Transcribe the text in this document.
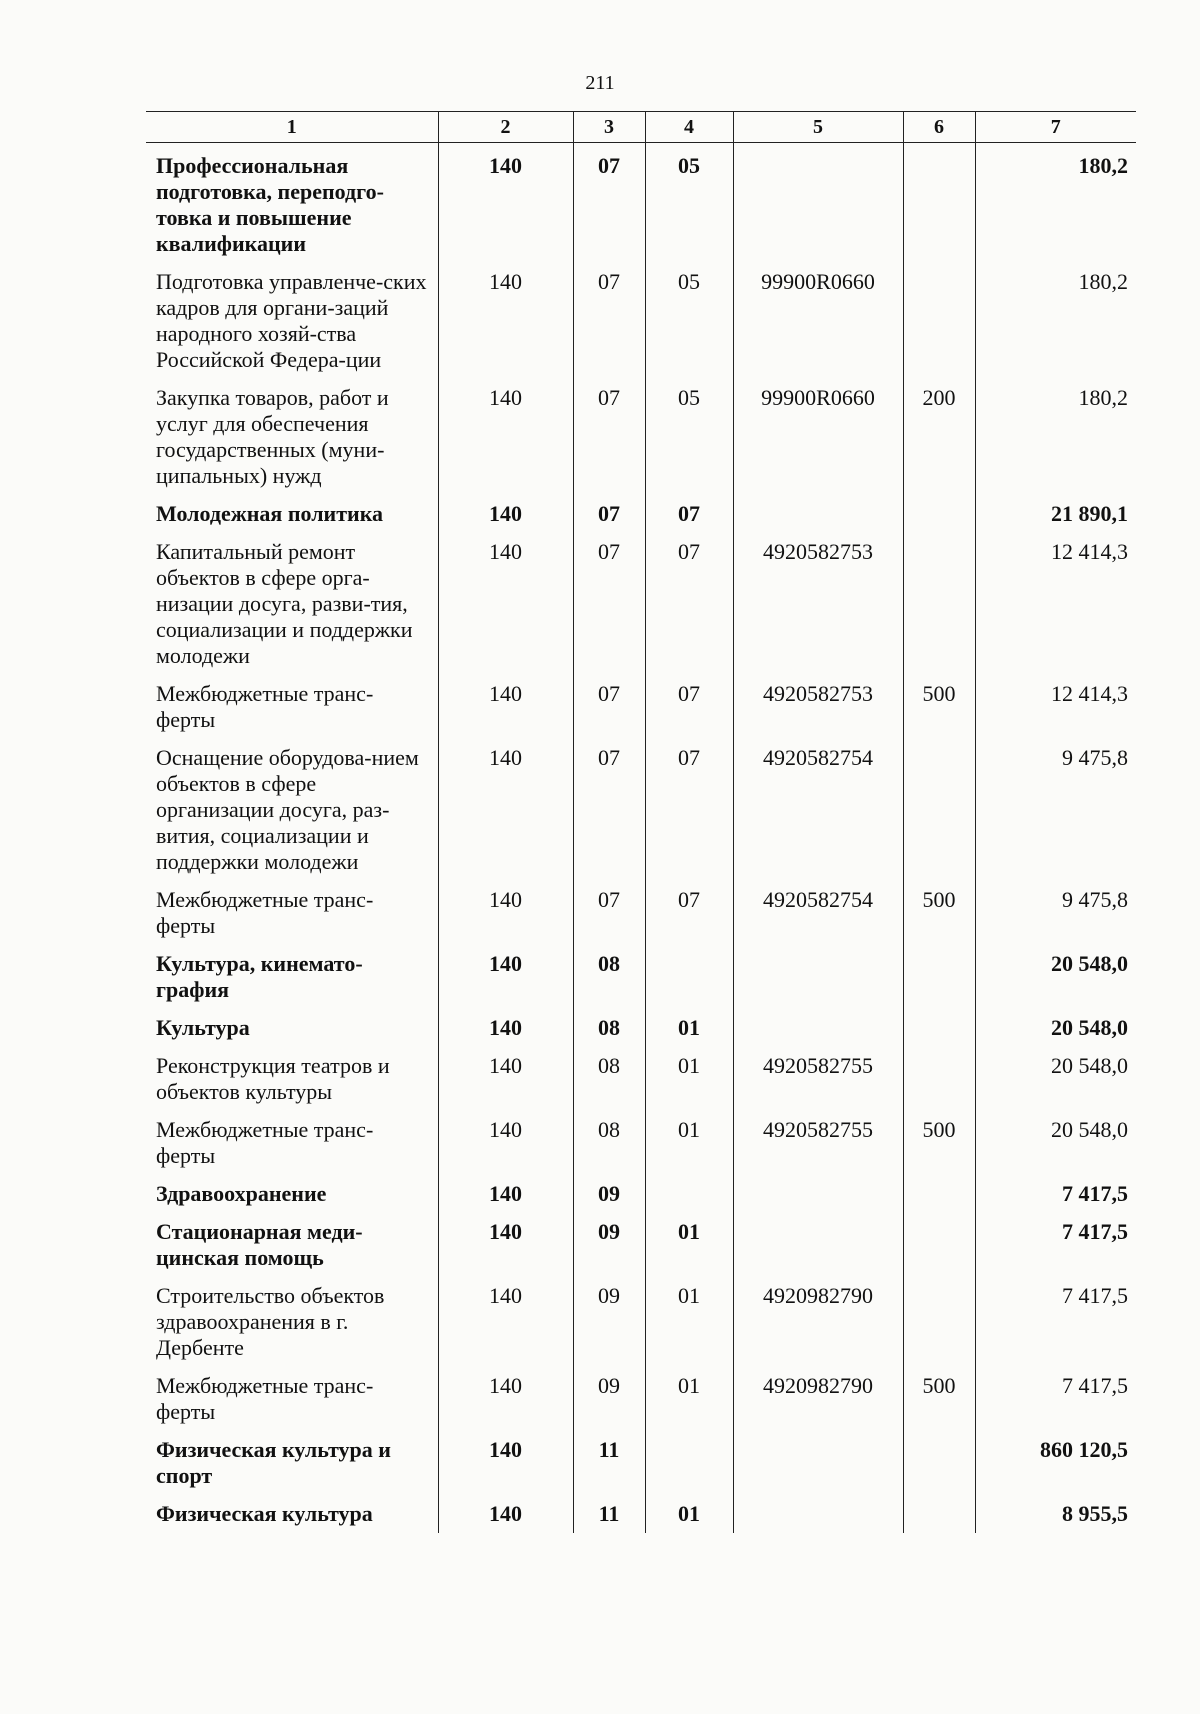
211
1	2	3	4	5	6	7
Профессиональная подготовка, переподго-товка и повышение квалификации	140	07	05			180,2
Подготовка управленче-ских кадров для органи-заций народного хозяй-ства Российской Федера-ции	140	07	05	99900R0660		180,2
Закупка товаров, работ и услуг для обеспечения государственных (муни-ципальных) нужд	140	07	05	99900R0660	200	180,2
Молодежная политика	140	07	07			21 890,1
Капитальный ремонт объектов в сфере орга-низации досуга, разви-тия, социализации и поддержки молодежи	140	07	07	4920582753		12 414,3
Межбюджетные транс-ферты	140	07	07	4920582753	500	12 414,3
Оснащение оборудова-нием объектов в сфере организации досуга, раз-вития, социализации и поддержки молодежи	140	07	07	4920582754		9 475,8
Межбюджетные транс-ферты	140	07	07	4920582754	500	9 475,8
Культура, кинемато-графия	140	08				20 548,0
Культура	140	08	01			20 548,0
Реконструкция театров и объектов культуры	140	08	01	4920582755		20 548,0
Межбюджетные транс-ферты	140	08	01	4920582755	500	20 548,0
Здравоохранение	140	09				7 417,5
Стационарная меди-цинская помощь	140	09	01			7 417,5
Строительство объектов здравоохранения в г. Дербенте	140	09	01	4920982790		7 417,5
Межбюджетные транс-ферты	140	09	01	4920982790	500	7 417,5
Физическая культура и спорт	140	11				860 120,5
Физическая культура	140	11	01			8 955,5
